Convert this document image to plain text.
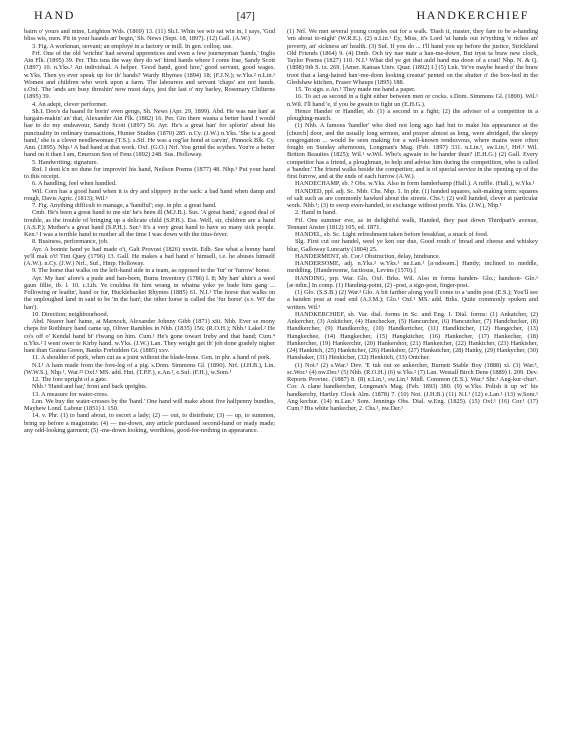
HAND	[47]	HANDKERCHIEF

bairn o' yours and mine, Leighton Wds. (1869) 13. (11) Sh.I. Whin we wir sat win in, I says, 'Gud bliss wis, men. Pit in your haands an' begin,' Sh. News (Sept. 18, 1897). (12) Gall. (A.W.)

3. Fig. A workman, servant; an employé in a factory or mill. In gen. colloq. use.

Frf. One of the old 'wrichts' had several apprentices and even a few journeyman 'hands,' Inglis Ain Flk. (1895) 39. Per. This isna the way they do wi' hired hands where I come frae, Sandy Scott (1897) 10. n.Yks.² An individual. A helper. 'Good hand, good hire,' good servant, good wages. w.Yks. Then yo ever speak up for th' hands? Wardy Rhymes (1894) 18; (F.J.N.); w.Yks.² n.Lin.¹ Women and children who work upon a farm. The labourers and servant 'chaps' are not hands. s.Oxf. The 'ands are busy threshin' now most days, jest the last o' my barley, Rosemary Chilterns (1895) 39.

4. An adept, clever performer.

Sh.I. Doo's da haand fir borin' even gengs, Sh. News (Apr. 29, 1899). Abd. He was nae han' at bargain-makin' an' that, Alexander Ain Flk. (1882) 16. Per. Gin there wasna a better hand I would hae to do my endeavour, Sandy Scott (1897) 56. Ayr. He's a great han' for splorin' about his punctuality in ordinary transactions, Hunter Studies (1870) 285. n.Cy. (J.W.) n.Yks. 'She is a good hand,' she is a clever needlewoman (T.S.). s.Stf. He was a reg'lar hond at carvin', Pinnock Blk. Cy. Ann. (1895). Nhp.¹ A bad hand at that work. Oxf. (G.O.) Nrf. You grind the scythes. You're a better hand on it than I am, Emerson Son of Fens (1892) 248. Sus. Holloway.

5. Handwriting; signature.

Rnf. I dont k'n no dune for improvin' his hand, Neilson Poems (1877) 48. Nhp.¹ Put your hand to this receipt.

6. A handling, feel when handled.

Wil. Corn has a good hand when it is dry and slippery in the sack: a bad hand when damp and rough, Davis Agric. (1813); Wil.¹

7. Fig. Anything difficult to manage, a 'handful'; esp. in phr. a great hand.

Cmb. He's been a great hand to me sin' he's been ill (M.J.B.). Sus. 'A great hand,' a good deal of trouble, as the trouble of bringing up a delicate child (S.P.H.). Ess. Well, sir, children are a hand (A.S.P.); Mother's a great hand (S.P.H.). Sur.¹ It's a very great hand to have so many sick people. Ken.¹ I was a terrible hand to mother all the time I was down with the titus-fever.

8. Business, performance, job.

Ayr. A bonnie hand ye had made o't, Galt Provost (1826) xxviii. Edb. See what a bonny hand ye'll mak o't! Tint Quey (1796) 13. Gall. He makes a bad hand o' himsell, i.e. he abuses himself (A.W.). n.Cy. (J.W.) Nrf., Suf., Hmp. Holloway.

9. The horse that walks on the left-hand side in a team, as opposed to the 'fur' or 'furrow' horse.

Ayr. My han' afore's a pude and han-been, Burns Inventory (1786) l. 8; My han' ahin's a weel gaun fillie, ib. l. 10. c.Lth. Ye couldna fit him wrang in whatna yoke ye bade him gang ... Following or leadin', hand or fur, Hucklebacket Rhymes (1885) 61. N.I.¹ The horse that walks on the unploughed land in said to be 'in the han'; the other horse is called the 'fur horse' (s.v. Wi' the han').

10. Direction; neighbourhood.

Abd. Nearer han' hame, at Marnoch, Alexander Johnny Gibb (1871) xiii. Nhb. Ever se mony cheps fre Rothbury hand came up, Oliver Rambles in Nhb. (1835) 156; (R.O.H.); Nhb.¹ Lakel.² He co's off o' Kendal hand bi' t'twang on him. Cum.¹ He's gone towart Ireby and that hand; Cum.⁴ n.Yks.² I went ower te Kirby hand. w.Yks. (J.W.) Lan. They weight get th' job done gradely nigher hant than Gratna Green, Banks Forbidden Gt. (1885) xxv.

11. A shoulder of pork, when cut as a joint without the blade-bone. Gen. in phr. a hand of pork.

N.I.¹ A ham made from the fore-leg of a pig. s.Dom. Simmons Gl. (1890). Nrf. (J.H.B.), Lin. (W.W.S.), Nhp.¹, War.²³ Oxf.¹ MS. add. Hnt. (T.P.F.), e.An.¹, e.Suf. (F.H.), w.Som.¹

12. The fore upright of a gate.

Nhb.¹ 'Hand and har,' front and back uprights.

13. A measure for water-cress.

Lon. We buy the water-cresses by the 'hand.' One hand will make about five halfpenny bundles, Mayhew Lond. Labour (1851) I. 150.

14. v. Phr. (1) to hand about, to escort a lady; (2) — out, to distribute; (3) — up, to summon, bring up before a magistrate; (4) — me-down, any article purchased second-hand or ready made; any odd-looking garment; (5) -me-down looking, worthless, good-for-nothing in appearance.

(1) Nrf. We met several young couples out for a walk. 'Dash it, master, they fare to be a-handing 'em about to-night' (W.R.E.). (2) n.Lin.¹ Ey, Miss, it's Lord 'at hands out iv'rything 'e riches an' poverty, an' sickness an' health. (3) Suf. If you do ... I'll hand you up before the justice, Strickland Old Friends (1864) 9. (4) Dmb. Och try nae mair a han-me-down, But tryst ta braw new clock, Taylor Poems (1827) 110. N.I.¹ What did ye get that auld hand ma doon of a coat! Nhp. N. & Q. (1898) 9th S. ix. 269. [Amer. Kansas Univ. Quar. (1892) I.] (5) Lnk. Ye've maybe heard o' the braw troot that a lang-haired han'-me-doon looking creatur' pented on the shutter o' the box-bed in the Gledshaw kitchen, Fraser Whaups (1895) 188.

15. To sign. e.An.¹ They made me hand a paper.

16. To act as second in a fight either between men or cocks. s.Dom. Simmons Gl. (1890). Wil.¹ n.Wil. I'll hand 'e, if you be gwain to fight un (E.H.G.).

Hence Hander or Handler, sb. (1) a second in a fight; (2) the adviser of a competitor in a ploughing-match.

(1) Nhb. A famous 'handler' who died not long ago had but to make his appearance at the [church] door, and the usually long sermon, and prayer almost as long, were abridged, the sleepy congregation ... would be seen making for a well-known rendezvous, where mains were often fought on Sunday afternoons, Longman's Mag. (Feb. 1897) 331. n.Lin.¹, sw.Lin.¹, Hrf.¹ Wil. Britton Beauties (1825); Wil.¹ w.Wil. Who's agwain to be hander thun? (E.H.G.) (2) Gall. Every competitor has a friend, a ploughman, to help and advise him during the competition, who is called a 'hander.' The friend walks beside the competitor, and is of special service in the opening up of the first furrow, and at the ends of each furrow (A.W.).

HANDECHAMP, sb. ? Obs. w.Yks. Also in form handerhamp (Hall.). A ruffle. (Hall.), w.Yks.¹

HANDED, ppl. adj. Sc. Nhb. Chs. Nhp. 1. In phr. (1) handed squares, salt-making term: squares of salt such as are commonly hawked about the streets. Chs.¹; (2) well handed, clever at particular work. Nhb.¹; (3) to swop even-handed, to exchange without profit. Yks. (J.W.), Nhp.¹

2. Hand in hand.

Fif. One summer eve, as in delightful walk, Handed, they past down Thirdpart's avenue, Tennant Anster (1812) 105, ed. 1871.

HANDEL, sb. Sc. Light refreshment taken before breakfast, a snack of food.

Slg. First cut our handel, weel ye ken our due, Good routh o' bread and cheese and whiskey blue, Galloway Luncarty (1804) 25.

HANDERMENT, sb. Cor.² Obstruction, delay, hindrance.

HANDERSOME, adj. n.Yks.² w.Yks.¹ ne.Lan.¹ [a·ndəsəm.] Handy; inclined to meddle, meddling. [Handersome, factiosus, Levins (1570).]

HANDING, prp. War. Glo. Oxf. Brks. Wil. Also in forms handen- Glo.; handson- Glo.¹ [æ·ndin.] In comp. (1) Handing-point, (2) -post, a sign-post, finger-post.

(1) Glo. (S.S.B.) (2) War.³ Glo. A bit farther along you'll come to a 'andin post (E.S.); You'll see a handen post at road end (A.J.M.); Glo.¹ Oxf.¹ MS. add. Brks. Quite commonly spoken and written. Wil.¹

HANDKERCHIEF, sb. Var. dial. forms in Sc. and Eng. I. Dial. forms: (1) Ankatcher, (2) Ankercher, (3) Ankitcher, (4) Hanchecker, (5) Hancurchor, (6) Hancutcher, (7) Handchecker, (8) Handkercher, (9) Handkerchy, (10) Handkertcher, (11) Handkitcher, (12) Hangecher, (13) Hangkechee, (14) Hangkecher, (15) Hangkitcher, (16) Hankecher, (17) Hankecher, (18) Hankercher, (19) Hankerchir, (20) Hankershor, (21) Hanketcher, (22) Hankicher, (23) Hankisher, (24) Hankitch, (25) Hankitcher, (26) Hankshor, (27) Hankutcher, (28) Hanky, (29) Hankycher, (30) Hanshaker, (31) Henkicher, (32) Henkitch, (33) Ontcher.

(1) Not.³ (2) s.War.¹ Dev. 'E tuk out ze ankercher, Burnett Stable Boy (1888) xi. (3) War.³, sc.Wor.¹ (4) nw.Der.¹ (5) Nhb. (R.O.H.) (6) w.Yks.² (7) Lan. Westall Birch Dene (1889) I. 209. Dev. Reports Provinc. (1887) 8. (8) n.Lin.¹, sw.Lin.¹ Midl. Common (E.S.). War.³ Shr.¹ Ang-kur·chur¹. Cor. A clane handkercher, Longman's Mag. (Feb. 1893) 380. (9) w.Yks. Polish it up wi' his handkerchy, Hartley Clock Alm. (1878) 7. (10) Not. (J.H.B.) (11) N.I.¹ (12) e.Lan.¹ (13) w.Som.¹ Ang·kechur. (14) m.Lan.¹ Som. Jennings Obs. Dial. w.Eng. (1825). (15) Oxf.¹ (16) Cor.¹ (17) Cum.³ His white hankecher, 2. Chs.¹, nw.Der.¹
